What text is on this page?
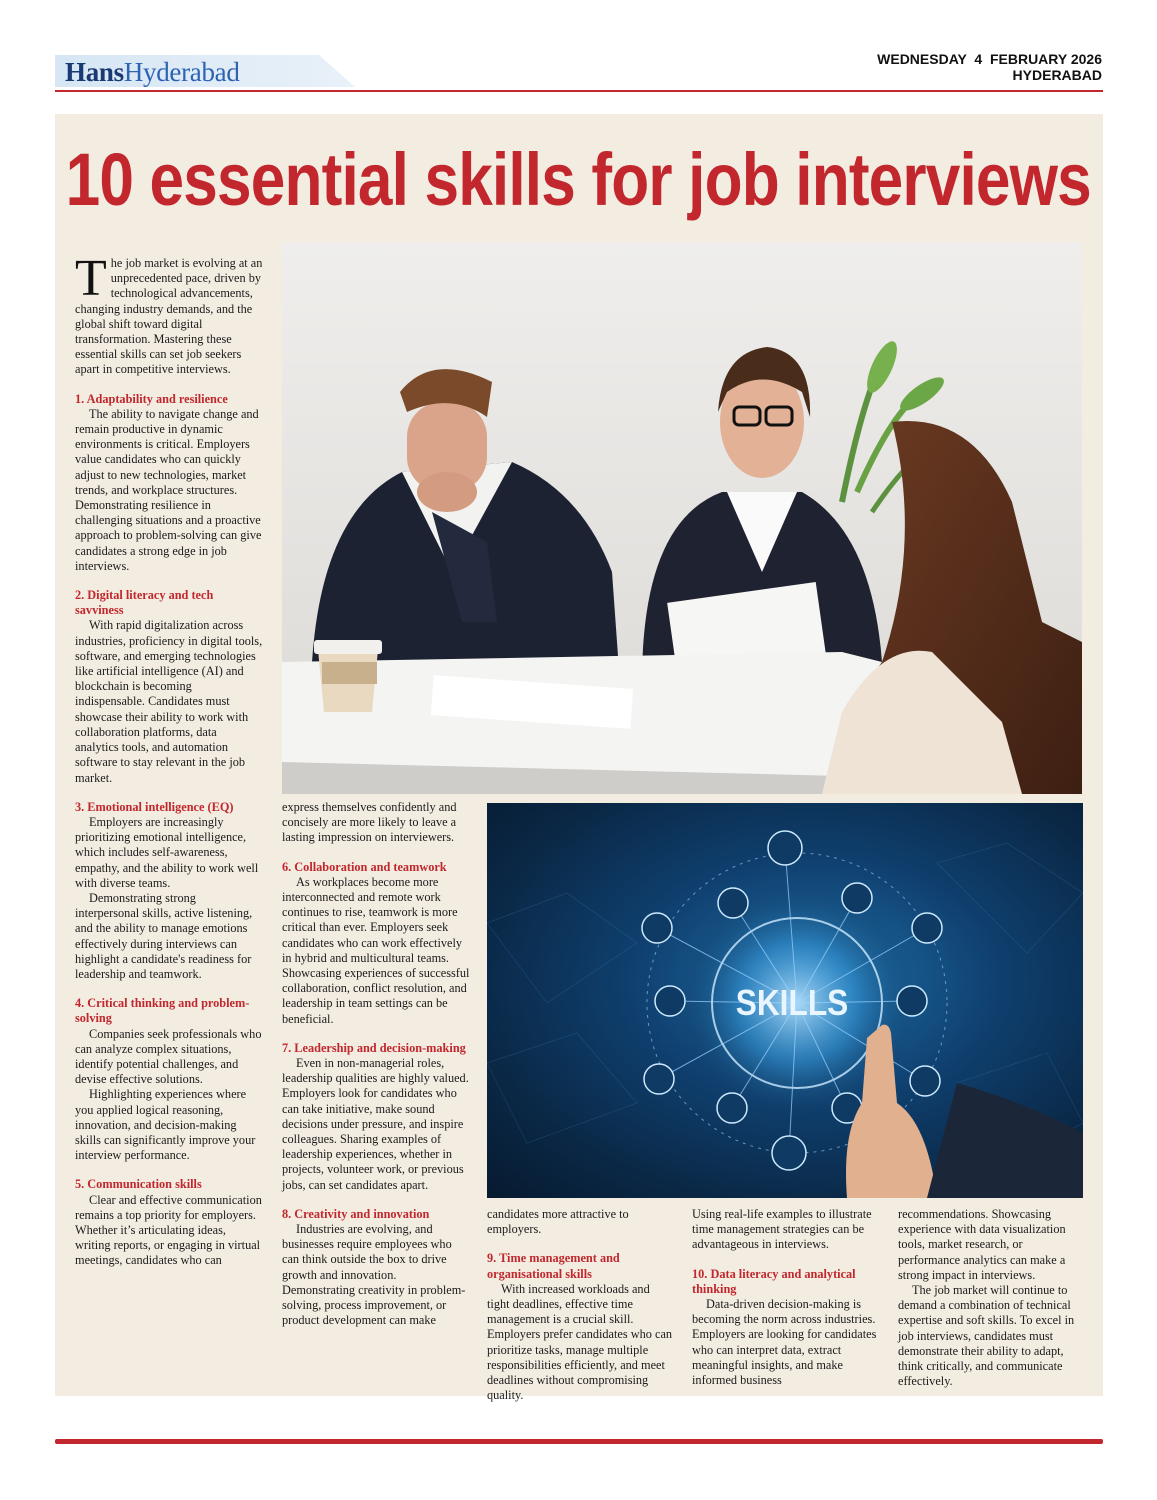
HansHyderabad	WEDNESDAY  4  FEBRUARY 2026
HYDERABAD
10 essential skills for job interviews
T he job market is evolving at an unprecedented pace, driven by technological advancements, changing industry demands, and the global shift toward digital transformation. Mastering these essential skills can set job seekers apart in competitive interviews.

1. Adaptability and resilience

The ability to navigate change and remain productive in dynamic environments is critical. Employers value candidates who can quickly adjust to new technologies, market trends, and workplace structures. Demonstrating resilience in challenging situations and a proactive approach to problem-solving can give candidates a strong edge in job interviews.

2. Digital literacy and tech savviness

With rapid digitalization across industries, proficiency in digital tools, software, and emerging technologies like artificial intelligence (AI) and blockchain is becoming indispensable. Candidates must showcase their ability to work with collaboration platforms, data analytics tools, and automation software to stay relevant in the job market.

3. Emotional intelligence (EQ)

Employers are increasingly prioritizing emotional intelligence, which includes self-awareness, empathy, and the ability to work well with diverse teams.

Demonstrating strong interpersonal skills, active listening, and the ability to manage emotions effectively during interviews can highlight a candidate's readiness for leadership and teamwork.

4. Critical thinking and problem-solving

Companies seek professionals who can analyze complex situations, identify potential challenges, and devise effective solutions.

Highlighting experiences where you applied logical reasoning, innovation, and decision-making skills can significantly improve your interview performance.

5. Communication skills

Clear and effective communication remains a top priority for employers. Whether it’s articulating ideas, writing reports, or engaging in virtual meetings, candidates who can

express themselves confidently and concisely are more likely to leave a lasting impression on interviewers.

6. Collaboration and teamwork

As workplaces become more interconnected and remote work continues to rise, teamwork is more critical than ever. Employers seek candidates who can work effectively in hybrid and multicultural teams. Showcasing experiences of successful collaboration, conflict resolution, and leadership in team settings can be beneficial.

7. Leadership and decision-making

Even in non-managerial roles, leadership qualities are highly valued. Employers look for candidates who can take initiative, make sound decisions under pressure, and inspire colleagues. Sharing examples of leadership experiences, whether in projects, volunteer work, or previous jobs, can set candidates apart.

8. Creativity and innovation

Industries are evolving, and businesses require employees who can think outside the box to drive growth and innovation. Demonstrating creativity in problem-solving, process improvement, or product development can make

SKILLS

candidates more attractive to employers.

9. Time management and organisational skills

With increased workloads and tight deadlines, effective time management is a crucial skill. Employers prefer candidates who can prioritize tasks, manage multiple responsibilities efficiently, and meet deadlines without compromising quality.

Using real-life examples to illustrate time management strategies can be advantageous in interviews.

10. Data literacy and analytical thinking

Data-driven decision-making is becoming the norm across industries. Employers are looking for candidates who can interpret data, extract meaningful insights, and make informed business

recommendations. Showcasing experience with data visualization tools, market research, or performance analytics can make a strong impact in interviews.

The job market will continue to demand a combination of technical expertise and soft skills. To excel in job interviews, candidates must demonstrate their ability to adapt, think critically, and communicate effectively.
